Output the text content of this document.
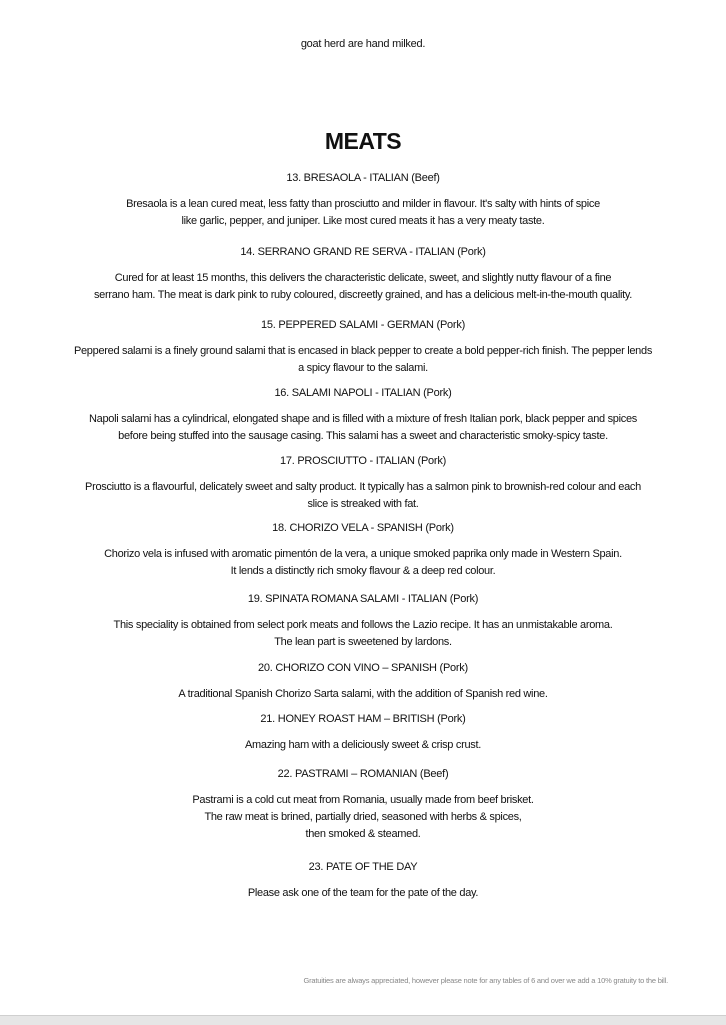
goat herd are hand milked.
MEATS
13. BRESAOLA - ITALIAN (Beef)
Bresaola is a lean cured meat, less fatty than prosciutto and milder in flavour. It's salty with hints of spice
like garlic, pepper, and juniper. Like most cured meats it has a very meaty taste.
14. SERRANO GRAND RE SERVA - ITALIAN (Pork)
Cured for at least 15 months, this delivers the characteristic delicate, sweet, and slightly nutty flavour of a fine
serrano ham. The meat is dark pink to ruby coloured, discreetly grained, and has a delicious melt-in-the-mouth quality.
15. PEPPERED SALAMI - GERMAN (Pork)
Peppered salami is a finely ground salami that is encased in black pepper to create a bold pepper-rich finish. The pepper lends
a spicy flavour to the salami.
16. SALAMI NAPOLI - ITALIAN (Pork)
Napoli salami has a cylindrical, elongated shape and is filled with a mixture of fresh Italian pork, black pepper and spices
before being stuffed into the sausage casing. This salami has a sweet and characteristic smoky-spicy taste.
17. PROSCIUTTO - ITALIAN (Pork)
Prosciutto is a flavourful, delicately sweet and salty product. It typically has a salmon pink to brownish-red colour and each
slice is streaked with fat.
18. CHORIZO VELA - SPANISH (Pork)
Chorizo vela is infused with aromatic pimentón de la vera, a unique smoked paprika only made in Western Spain.
It lends a distinctly rich smoky flavour & a deep red colour.
19. SPINATA ROMANA SALAMI - ITALIAN (Pork)
This speciality is obtained from select pork meats and follows the Lazio recipe. It has an unmistakable aroma.
The lean part is sweetened by lardons.
20. CHORIZO CON VINO – SPANISH (Pork)
A traditional Spanish Chorizo Sarta salami, with the addition of Spanish red wine.
21. HONEY ROAST HAM – BRITISH (Pork)
Amazing ham with a deliciously sweet & crisp crust.
22. PASTRAMI – ROMANIAN (Beef)
Pastrami is a cold cut meat from Romania, usually made from beef brisket.
The raw meat is brined, partially dried, seasoned with herbs & spices,
then smoked & steamed.
23. PATE OF THE DAY
Please ask one of the team for the pate of the day.
Gratuities are always appreciated, however please note for any tables of 6 and over we add a 10% gratuity to the bill.
